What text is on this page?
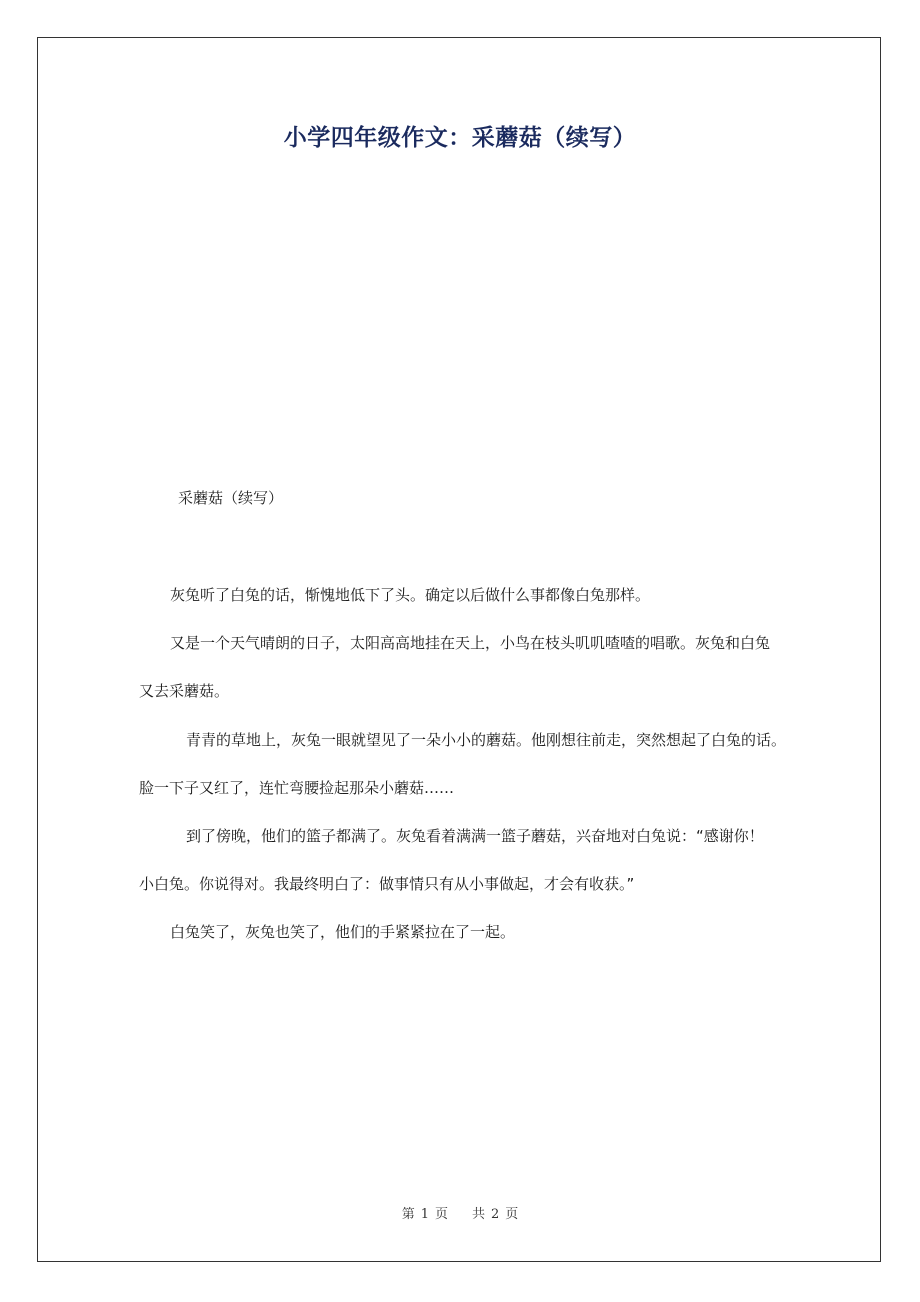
小学四年级作文：采蘑菇（续写）
采蘑菇（续写）
灰兔听了白兔的话，惭愧地低下了头。确定以后做什么事都像白兔那样。
又是一个天气晴朗的日子，太阳高高地挂在天上，小鸟在枝头叽叽喳喳的唱歌。灰兔和白兔
又去采蘑菇。
青青的草地上，灰兔一眼就望见了一朵小小的蘑菇。他刚想往前走，突然想起了白兔的话。
脸一下子又红了，连忙弯腰捡起那朵小蘑菇……
到了傍晚，他们的篮子都满了。灰兔看着满满一篮子蘑菇，兴奋地对白兔说：“感谢你！
小白兔。你说得对。我最终明白了：做事情只有从小事做起，才会有收获。”
白兔笑了，灰兔也笑了，他们的手紧紧拉在了一起。
第 1 页 共 2 页
